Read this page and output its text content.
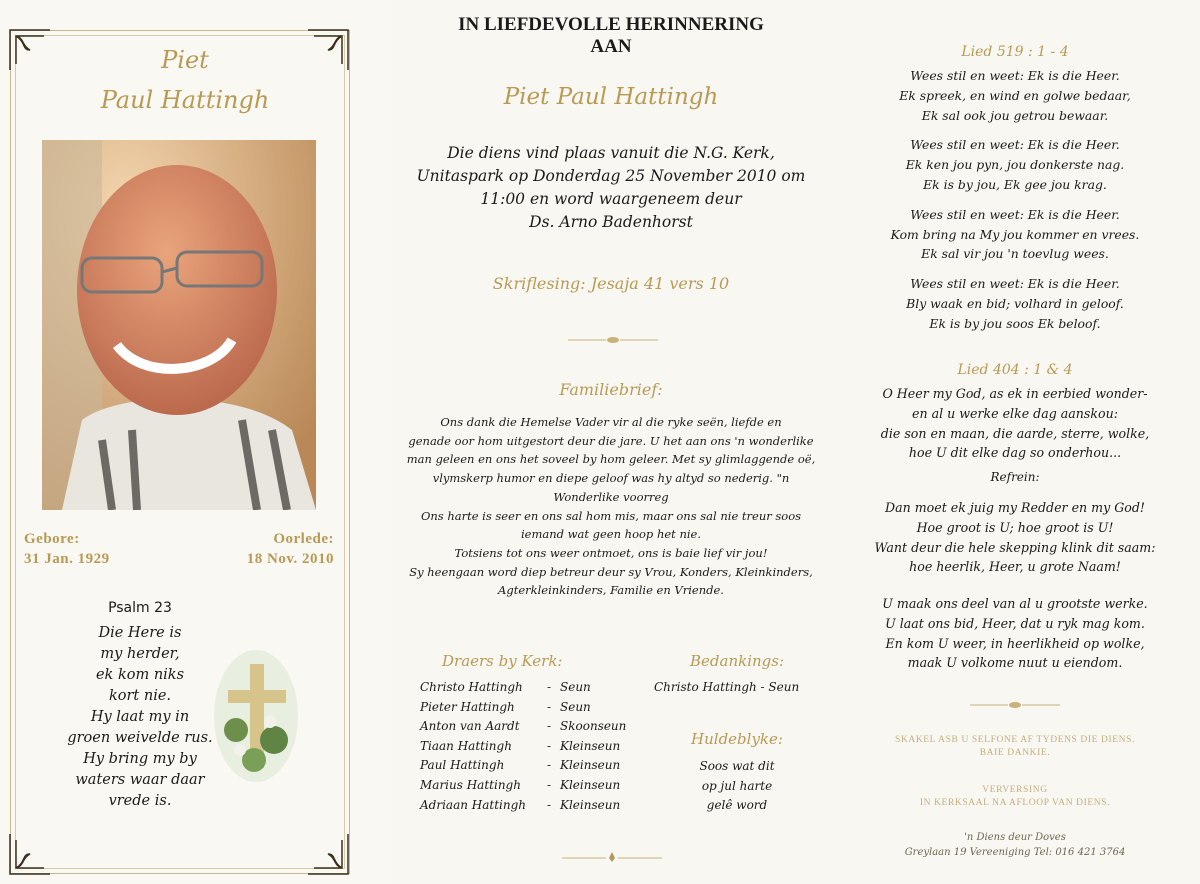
Piet
Paul Hattingh
Gebore:
31 Jan. 1929
Oorlede:
18 Nov. 2010
Psalm 23
Die Here is
my herder,
ek kom niks
kort nie.
Hy laat my in
groen weivelde rus.
Hy bring my by
waters waar daar
vrede is.
IN LIEFDEVOLLE HERINNERING
AAN
Piet Paul Hattingh
Die diens vind plaas vanuit die N.G. Kerk,
Unitaspark op Donderdag 25 November 2010 om
11:00 en word waargeneem deur
Ds. Arno Badenhorst
Skriflesing: Jesaja 41 vers 10
Familiebrief:
Ons dank die Hemelse Vader vir al die ryke seën, liefde en
genade oor hom uitgestort deur die jare. U het aan ons 'n wonderlike
man geleen en ons het soveel by hom geleer. Met sy glimlaggende oë,
vlymskerp humor en diepe geloof was hy altyd so nederig. "n
Wonderlike voorreg
Ons harte is seer en ons sal hom mis, maar ons sal nie treur soos
iemand wat geen hoop het nie.
Totsiens tot ons weer ontmoet, ons is baie lief vir jou!
Sy heengaan word diep betreur deur sy Vrou, Konders, Kleinkinders,
Agterkleinkinders, Familie en Vriende.
Draers by Kerk:
Christo Hattingh	- Seun
Pieter Hattingh	- Seun
Anton van Aardt	- Skoonseun
Tiaan Hattingh	- Kleinseun
Paul Hattingh	- Kleinseun
Marius Hattingh	- Kleinseun
Adriaan Hattingh	- Kleinseun
Bedankings:
Christo Hattingh - Seun
Huldeblyke:
Soos wat dit
op jul harte
gelê word
Lied 519 : 1 - 4
Wees stil en weet: Ek is die Heer.
Ek spreek, en wind en golwe bedaar,
Ek sal ook jou getrou bewaar.
Wees stil en weet: Ek is die Heer.
Ek ken jou pyn, jou donkerste nag.
Ek is by jou, Ek gee jou krag.
Wees stil en weet: Ek is die Heer.
Kom bring na My jou kommer en vrees.
Ek sal vir jou 'n toevlug wees.
Wees stil en weet: Ek is die Heer.
Bly waak en bid; volhard in geloof.
Ek is by jou soos Ek beloof.
Lied 404 : 1 & 4
O Heer my God, as ek in eerbied wonder-
en al u werke elke dag aanskou:
die son en maan, die aarde, sterre, wolke,
hoe U dit elke dag so onderhou...
Refrein:
Dan moet ek juig my Redder en my God!
Hoe groot is U; hoe groot is U!
Want deur die hele skepping klink dit saam:
hoe heerlik, Heer, u grote Naam!
U maak ons deel van al u grootste werke.
U laat ons bid, Heer, dat u ryk mag kom.
En kom U weer, in heerlikheid op wolke,
maak U volkome nuut u eiendom.
SKAKEL ASB U SELFONE AF TYDENS DIE DIENS.
BAIE DANKIE.
VERVERSING
IN KERKSAAL NA AFLOOP VAN DIENS.
'n Diens deur Doves
Greylaan 19 Vereeniging Tel: 016 421 3764
